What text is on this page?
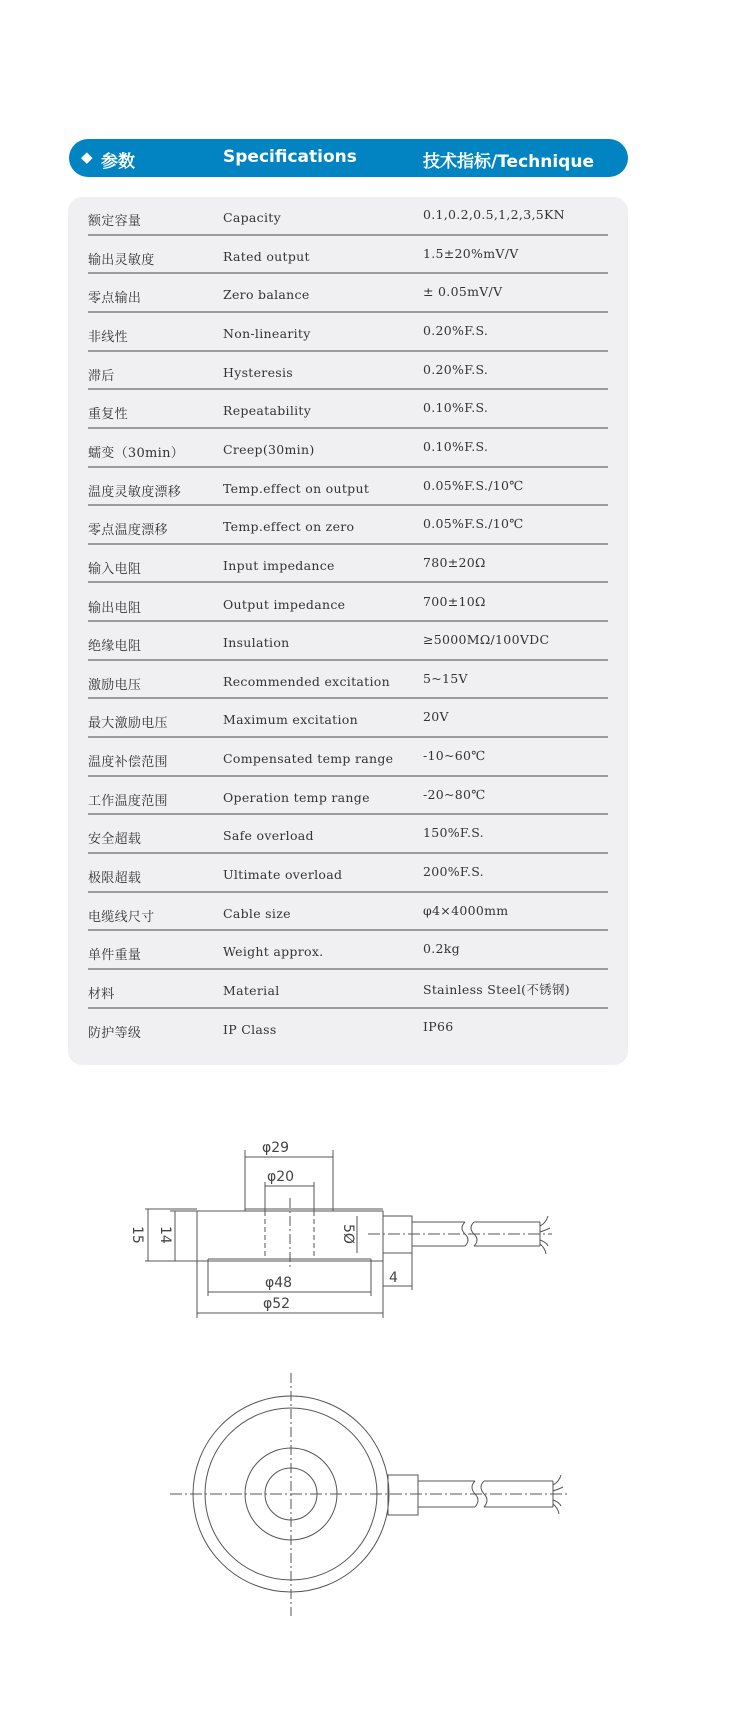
◆ 参数	Specifications	技术指标/Technique
额定容量	Capacity	0.1,0.2,0.5,1,2,3,5KN
输出灵敏度	Rated output	1.5±20%mV/V
零点输出	Zero balance	± 0.05mV/V
非线性	Non-linearity	0.20%F.S.
滞后	Hysteresis	0.20%F.S.
重复性	Repeatability	0.10%F.S.
蠕变（30min）	Creep(30min)	0.10%F.S.
温度灵敏度漂移	Temp.effect on output	0.05%F.S./10℃
零点温度漂移	Temp.effect on zero	0.05%F.S./10℃
输入电阻	Input impedance	780±20Ω
输出电阻	Output impedance	700±10Ω
绝缘电阻	Insulation	≥5000MΩ/100VDC
激励电压	Recommended excitation	5~15V
最大激励电压	Maximum excitation	20V
温度补偿范围	Compensated temp range -10~60℃
工作温度范围	Operation temp range	-20~80℃
安全超载	Safe overload	150%F.S.
极限超载	Ultimate overload	200%F.S.
电缆线尺寸	Cable size	φ4×4000mm
单件重量	Weight approx.	0.2kg
材料	Material	Stainless Steel(不锈钢)
防护等级	IP Class	IP66
φ29
φ20
φ48
φ52
4
15 14	5Ø
